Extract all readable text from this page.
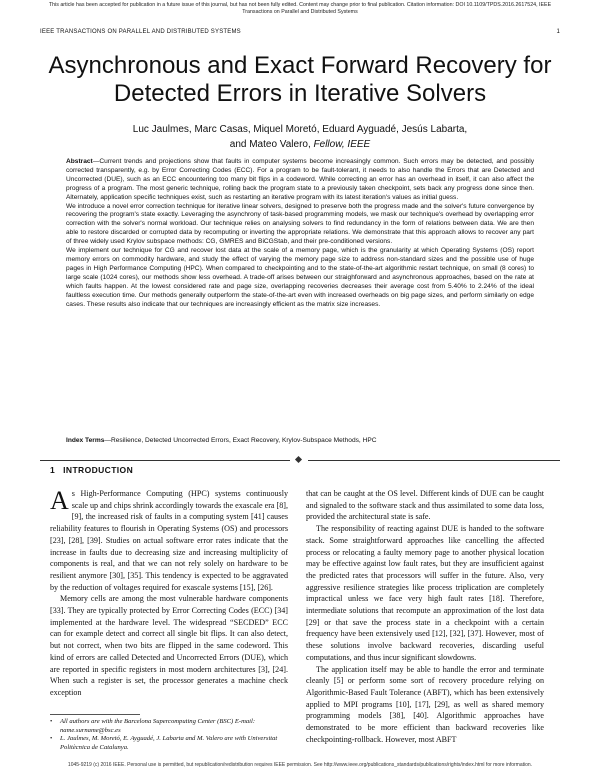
This article has been accepted for publication in a future issue of this journal, but has not been fully edited. Content may change prior to final publication. Citation information: DOI 10.1109/TPDS.2016.2617524, IEEE
Transactions on Parallel and Distributed Systems
IEEE TRANSACTIONS ON PARALLEL AND DISTRIBUTED SYSTEMS	1
Asynchronous and Exact Forward Recovery for Detected Errors in Iterative Solvers
Luc Jaulmes, Marc Casas, Miquel Moretó, Eduard Ayguadé, Jesús Labarta,
and Mateo Valero, Fellow, IEEE

Abstract—Current trends and projections show that faults in computer systems become increasingly common. Such errors may be detected, and possibly corrected transparently, e.g. by Error Correcting Codes (ECC). For a program to be fault-tolerant, it needs to also handle the Errors that are Detected and Uncorrected (DUE), such as an ECC encountering too many bit flips in a codeword. While correcting an error has an overhead in itself, it can also affect the progress of a program. The most generic technique, rolling back the program state to a previously taken checkpoint, sets back any progress done since then. Alternately, application specific techniques exist, such as restarting an iterative program with its latest iteration's values as initial guess.

We introduce a novel error correction technique for iterative linear solvers, designed to preserve both the progress made and the solver's future convergence by recovering the program's state exactly. Leveraging the asynchrony of task-based programming models, we mask our technique's overhead by overlapping error correction with the solver's normal workload. Our technique relies on analysing solvers to find redundancy in the form of relations between data. We are then able to restore discarded or corrupted data by recomputing or inverting the appropriate relations. We demonstrate that this approach allows to recover any part of three widely used Krylov subspace methods: CG, GMRES and BiCGStab, and their pre-conditioned versions.

We implement our technique for CG and recover lost data at the scale of a memory page, which is the granularity at which Operating Systems (OS) report memory errors on commodity hardware, and study the effect of varying the memory page size to address non-standard sizes and the possible use of huge pages in High Performance Computing (HPC). When compared to checkpointing and to the state-of-the-art algorithmic restart technique, on small (8 cores) to large scale (1024 cores), our methods show less overhead. A trade-off arises between our straighforward and asynchronous approaches, based on the rate at which faults happen. At the lowest considered rate and page size, overlapping recoveries decreases their average cost from 5.40% to 2.24% of the ideal faultless execution time. Our methods generally outperform the state-of-the-art even with increased overheads on big page sizes, and perform similarly on edge cases. These results also indicate that our techniques are increasingly efficient as the matrix size increases.

Index Terms—Resilience, Detected Uncorrected Errors, Exact Recovery, Krylov-Subspace Methods, HPC
1 INTRODUCTION

As High-Performance Computing (HPC) systems continuously scale up and chips shrink accordingly towards the exascale era [8], [9], the increased risk of faults in a computing system [41] causes reliability features to flourish in Operating Systems (OS) and processors [23], [28], [39]. Studies on actual software error rates indicate that the increase in faults due to decreasing size and increasing multiplicity of components is real, and that we can not rely solely on hardware to be resilient anymore [30], [35]. This tendency is expected to be aggravated by the reduction of voltages required for exascale systems [15], [26].

Memory cells are among the most vulnerable hardware components [33]. They are typically protected by Error Correcting Codes (ECC) [34] implemented at the hardware level. The widespread “SECDED” ECC can for example detect and correct all single bit flips. It can also detect, but not correct, when two bits are flipped in the same codeword. This kind of errors are called Detected and Uncorrected Errors (DUE), which are reported in specific registers in most modern architectures [3], [24]. When such a register is set, the processor generates a machine check exception

that can be caught at the OS level. Different kinds of DUE can be caught and signaled to the software stack and thus assimilated to some data loss, provided the architectural state is safe.

The responsibility of reacting against DUE is handed to the software stack. Some straightforward approaches like cancelling the affected process or relocating a faulty memory page to another physical location may be effective against low fault rates, but they are insufficient against the predicted rates that processors will suffer in the future. Also, very aggressive resilience strategies like process triplication are completely impractical unless we face very high fault rates [18]. Therefore, intermediate solutions that recompute an approximation of the lost data [29] or that save the process state in a checkpoint with a certain frequency have been extensively used [12], [32], [37]. However, most of these solutions involve backward recoveries, discarding useful computations, and thus incur significant slowdowns.

The application itself may be able to handle the error and terminate cleanly [5] or perform some sort of recovery procedure relying on Algorithmic-Based Fault Tolerance (ABFT), which has been extensively applied to MPI programs [10], [17], [29], as well as shared memory programming models [38], [40]. Algorithmic approaches have demonstrated to be more efficient than backward recoveries like checkpointing-rollback. However, most ABFT

• All authors are with the Barcelona Supercomputing Center (BSC) E-mail: name.surname@bsc.es
• L. Jaulmes, M. Moretó, E. Ayguadé, J. Labarta and M. Valero are with Universitat Politècnica de Catalunya.
1045-9219 (c) 2016 IEEE. Personal use is permitted, but republication/redistribution requires IEEE permission. See http://www.ieee.org/publications_standards/publications/rights/index.html for more information.
